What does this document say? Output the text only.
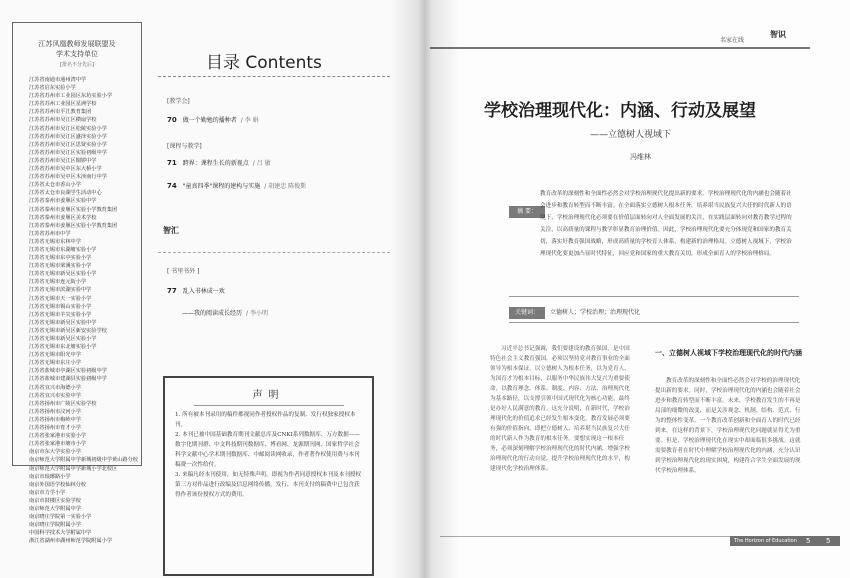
江苏风凰教师发展联盟及
学术支持单位
[排名不分先后]
江苏省南通市通州湾中学
江苏省启东实验小学
江苏省苏州市工业园区东坊实验小学
江苏省苏州工业园区星洲学校
江苏省苏州市平江教育集团
江苏省苏州市吴江区横扇学校
江苏省苏州市吴江区松陵实验小学
江苏省苏州市吴江区盛泽实验小学
江苏省苏州市吴江区思贤实验小学
江苏省苏州市吴江区实验初级中学
江苏省苏州市吴江区铜锣中学
江苏省苏州市吴中区东大桥小学
江苏省苏州市吴中区木渎南行中学
江苏省太仓市香山小学
江苏省太仓市良湖学生活动中心
江苏省泰州市姜堰区实验中学
江苏省泰州市姜堰区实验小学教育集团
江苏省泰州市姜堰区美术学校
江苏省泰州市姜堰区实验小学教育集团
江苏省苏州市中学
江苏省无锡市东林中学
江苏省无锡市东湖塘实验小学
江苏省无锡市东亭实验小学
江苏省无锡市梁溪实验小学
江苏省无锡市新吴区实验小学
江苏省无锡市连元街小学
江苏省无锡市滨湖实验中学
江苏省无锡市天一实验小学
江苏省无锡市锡山实验小学
江苏省无锡市羊尖实验小学
江苏省无锡市新吴区实验中学
江苏省无锡市新吴区新安实验学校
江苏省无锡市新吴区实验小学
江苏省无锡市东北塘实验小学
江苏省无锡市阳光中学
江苏省无锡市东庄小学
江苏省盐城市亭湖区实验初级中学
江苏省盐城市建湖县实验初级中学
江苏省宜兴市海德小学
江苏省宜兴市实验中学
江苏省扬州市广陵区实验学校
江苏省扬州市汶河小学
江苏省扬州市梅岭中学
江苏省扬州市育才小学
江苏省张家港市实验小学
江苏省张家港市塘市小学
南京市东大学实验小学
南京师范大学附属中学新城初级中学黄山路分校
南京师范大学附属中学新城小学北校区
南京市琅琊路小学
南京外国语学校仙林分校
南京市力学小学
南京市鼓楼区实验学校
南京师范大学附属中学
南京晓庄学院第一实验小学
南京晓庄学院附属小学
中国科学技术大学附属中学
浙江省湖州市湖州师范学院附属小学
目录 Contents
[教学会]
70 做一个勤勉的播种者 / 李 娟
[课程与教学]
71 跨界：课程生长的新视点 / 吕 敏
74 "童真四季"课程的建构与实施 / 胡建忠 陈俊斯
智汇
[ 书里书外 ]
77 乱入书林成一欢
——我的阅读成长经历 / 李小明
声明

1. 所有被本刊录用的稿件都视同作者授权作品的复制、发行权独家授权本刊。

2. 本刊已被中国基础教育期刊文献总库及CNKI系列数据库、万方数据——数字化期刊群、中文科技期刊数据库、博看网、龙源期刊网、国家哲学社会科学文献中心学术期刊数据库、中邮阅读网收录，作者著作权使用费与本刊稿费一次性给付。

3. 来稿凡经本刊使用，如无特殊声明，即视为作者同意授权本刊及本刊授权第三方对作品进行改编及信息网络传播，发行。本刊支付的稿费中已包含获得作者该份授权方式的费用。

名家在线
智识
学校治理现代化：内涵、行动及展望
——立德树人视域下
冯维林
摘 要：

教育改革的深刻性和全面性必然会对学校治理现代化提出新的要求。学校治理现代化的内涵也会随着社会进步和教育转型而不断丰富。在全面落实立德树人根本任务，培养堪当民族复兴大任的时代新人的语境下，学校治理现代化必须要在价值层面转向对人全面发展的关注，在实践层面转向对教育教学过程的关注，以高质量的课程与教学彰显教育治理价值。因此，学校治理现代化要充分体现党和国家的教育关切，落实好教育强国战略，形成高质量的学校育人体系，构建新的治理格局。立德树人视域下，学校治理现代化要更加凸显时代特征，回应党和国家的重大教育关切，形成全面育人的学校治理格局。

关键词：	立德树人；学校治理；治理现代化

习近平总书记强调，我们要建设的教育强国，是中国特色社会主义教育强国，必须以坚持党对教育事业的全面领导为根本保证，以立德树人为根本任务，以为党育人、为国育才为根本目标，以服务中华民族伟大复兴为重要使命，以教育理念、体系、制度、内容、方法、治理现代化为基本路径，以支撑引领中国式现代化为核心功能，最终是办好人民满意的教育。这充分说明，在新时代，学校治理现代化的价值追求已经发生根本变化，教育发展必须要有强的价值指向，即把立德树人、培养堪当民族复兴大任的时代新人作为教育的根本任务。要想实现这一根本任务，必须深刻理解学校治理现代化的时代内涵，增强学校治理现代化的行动自觉，提升学校治理现代化的水平，构建现代化学校治理体系。

一、立德树人视域下学校治理现代化的时代内涵

教育改革的深刻性和全面性必然会对学校的治理现代化提出新的要求。同时，学校治理现代化的内涵也会随着社会进步和教育转型而不断丰富。未来，学校教育发生的不再是局部的细微的改变，而是关涉观念、机制、结构、范式、行为的整体性变革。一个教育改革创新和全面育人的时代已经到来。在这样的背景下，学校治理现代化问题就显得尤为重要。但是，学校治理现代化在现实中却面临很多挑战。这就需要教育者在时代中理解学校治理现代化的内涵，充分认识到学校治理现代化的现实困境，构建符合学生全面发展的现代学校治理体系。

The Horizon of Education 5 5
